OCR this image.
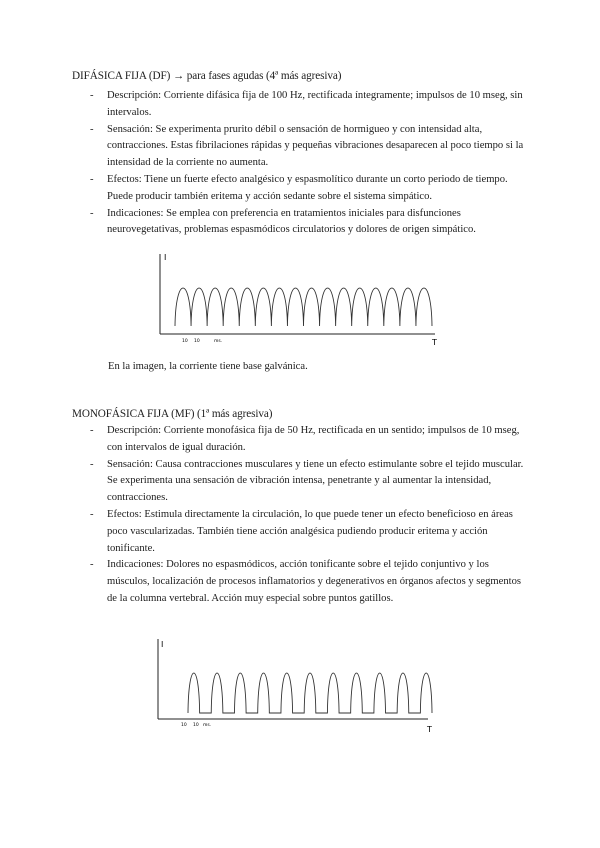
DIFÁSICA FIJA (DF) → para fases agudas (4ª más agresiva)
- Descripción: Corriente difásica fija de 100 Hz, rectificada íntegramente; impulsos de 10 mseg, sin intervalos.
- Sensación: Se experimenta prurito débil o sensación de hormigueo y con intensidad alta, contracciones. Estas fibrilaciones rápidas y pequeñas vibraciones desaparecen al poco tiempo si la intensidad de la corriente no aumenta.
- Efectos: Tiene un fuerte efecto analgésico y espasmolítico durante un corto periodo de tiempo. Puede producir también eritema y acción sedante sobre el sistema simpático.
- Indicaciones: Se emplea con preferencia en tratamientos iniciales para disfunciones neurovegetativas, problemas espasmódicos circulatorios y dolores de origen simpático.
I
T
10 10	ms.
En la imagen, la corriente tiene base galvánica.
MONOFÁSICA FIJA (MF) (1ª más agresiva)
- Descripción: Corriente monofásica fija de 50 Hz, rectificada en un sentido; impulsos de 10 mseg, con intervalos de igual duración.
- Sensación: Causa contracciones musculares y tiene un efecto estimulante sobre el tejido muscular. Se experimenta una sensación de vibración intensa, penetrante y al aumentar la intensidad, contracciones.
- Efectos: Estimula directamente la circulación, lo que puede tener un efecto beneficioso en áreas poco vascularizadas. También tiene acción analgésica pudiendo producir eritema y acción tonificante.
- Indicaciones: Dolores no espasmódicos, acción tonificante sobre el tejido conjuntivo y los músculos, localización de procesos inflamatorios y degenerativos en órganos afectos y segmentos de la columna vertebral. Acción muy especial sobre puntos gatillos.
I
T
10 10 ms.
